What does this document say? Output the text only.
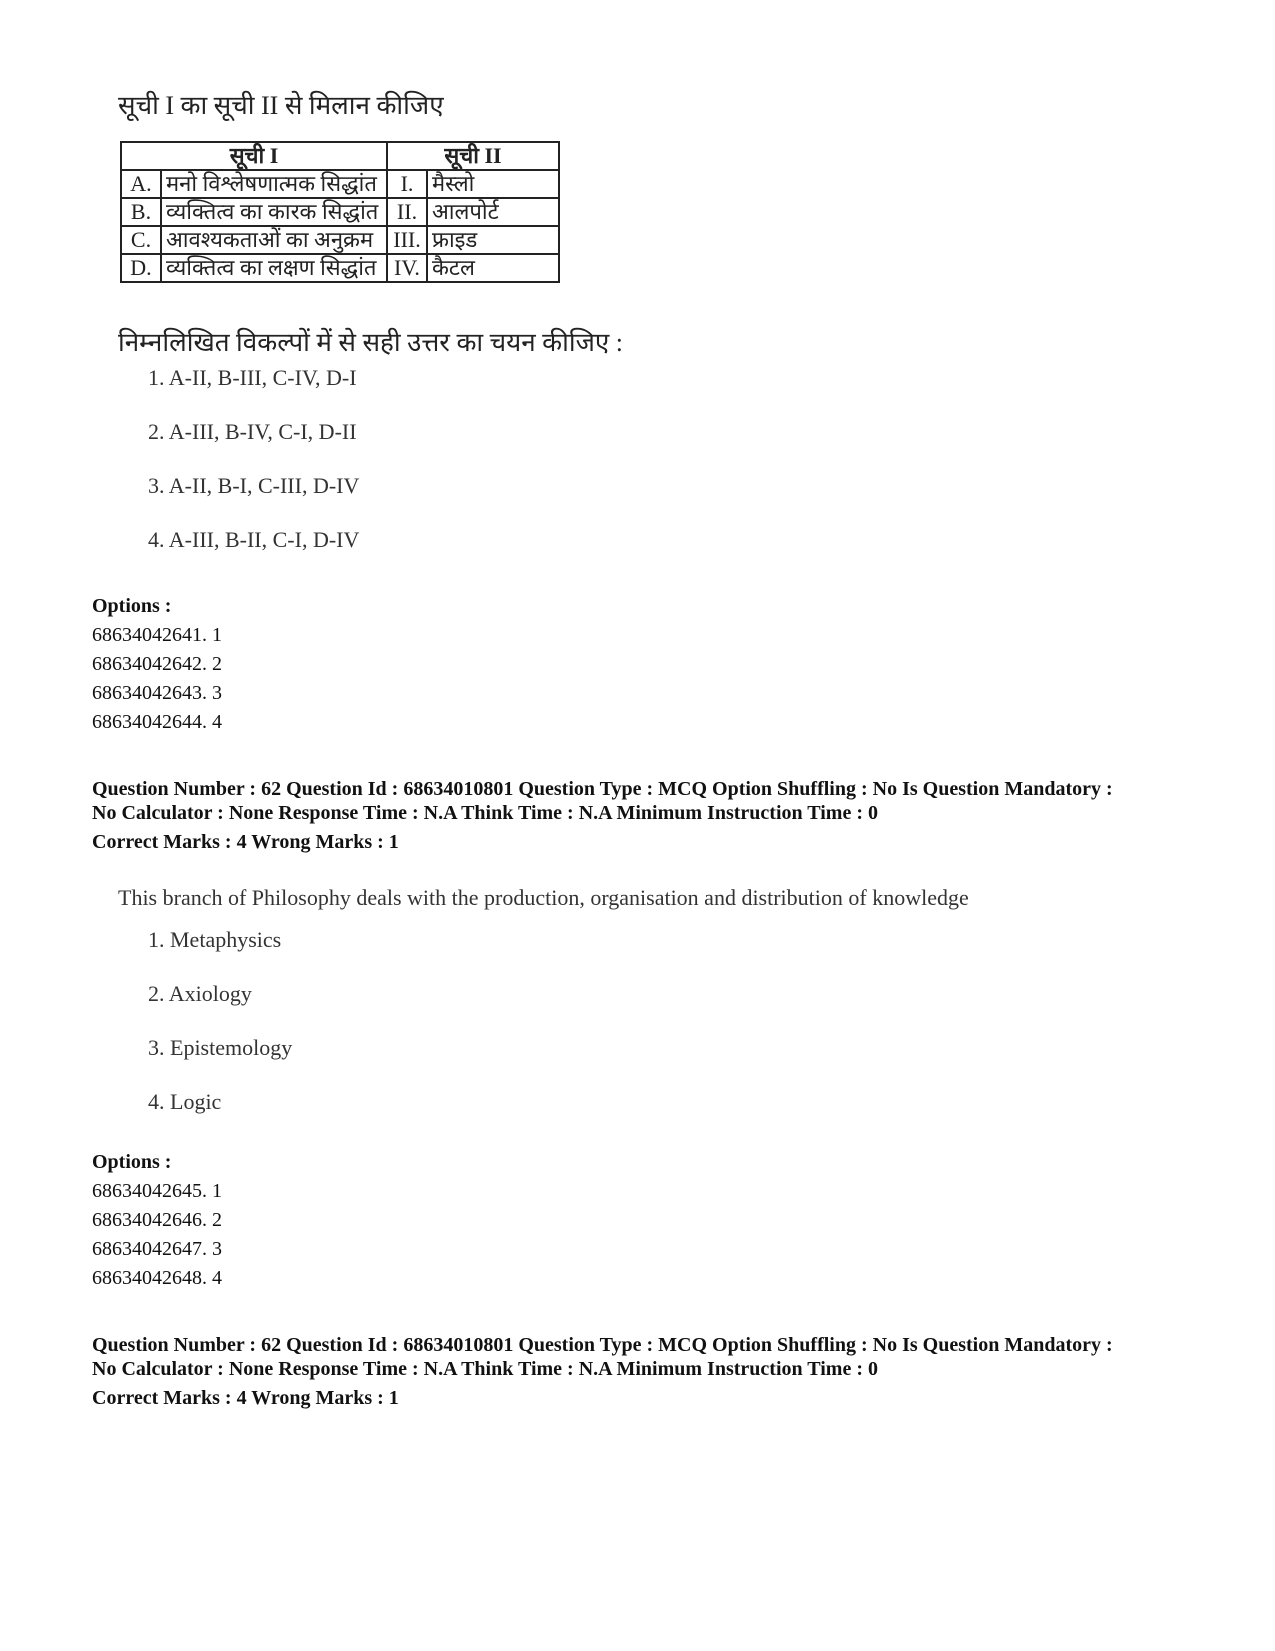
सूची I का सूची II से मिलान कीजिए
सूची I		सूची II	
A.	मनो विश्लेषणात्मक सिद्धांत	I.	मैस्लो
B.	व्यक्तित्व का कारक सिद्धांत	II.	आलपोर्ट
C.	आवश्यकताओं का अनुक्रम	III.	फ्राइड
D.	व्यक्तित्व का लक्षण सिद्धांत	IV.	कैटल
निम्नलिखित विकल्पों में से सही उत्तर का चयन कीजिए :
1. A-II, B-III, C-IV, D-I
2. A-III, B-IV, C-I, D-II
3. A-II, B-I, C-III, D-IV
4. A-III, B-II, C-I, D-IV
Options :
68634042641. 1
68634042642. 2
68634042643. 3
68634042644. 4
Question Number : 62 Question Id : 68634010801 Question Type : MCQ Option Shuffling : No Is Question Mandatory :
No Calculator : None Response Time : N.A Think Time : N.A Minimum Instruction Time : 0
Correct Marks : 4 Wrong Marks : 1
This branch of Philosophy deals with the production, organisation and distribution of knowledge
1. Metaphysics
2. Axiology
3. Epistemology
4. Logic
Options :
68634042645. 1
68634042646. 2
68634042647. 3
68634042648. 4
Question Number : 62 Question Id : 68634010801 Question Type : MCQ Option Shuffling : No Is Question Mandatory :
No Calculator : None Response Time : N.A Think Time : N.A Minimum Instruction Time : 0
Correct Marks : 4 Wrong Marks : 1
